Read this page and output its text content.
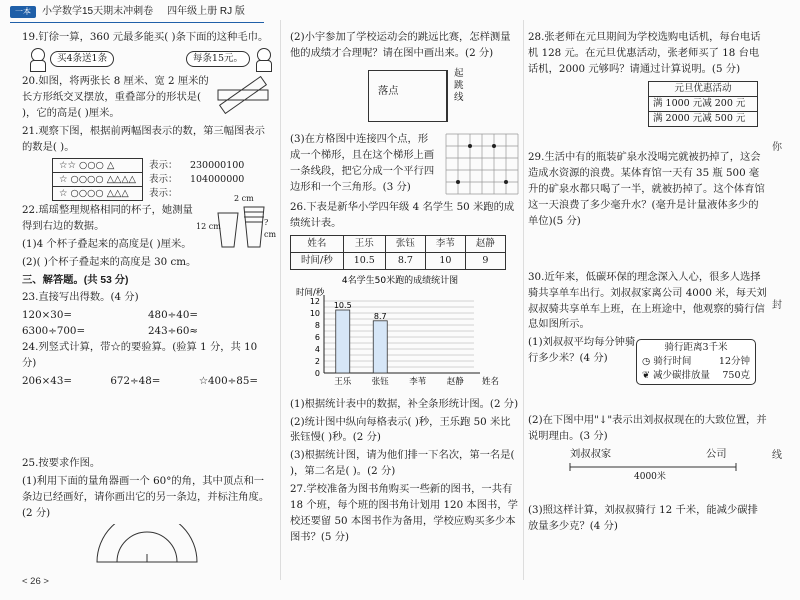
一本	小学数学15天期末冲刺卷 四年级上册 RJ 版
19.钉徐一算，360 元最多能买( )条下面的这种毛巾。
买4条送1条	每条15元。
20.如图，将两张长 8 厘米、宽 2 厘米的长方形纸交叉摆放，重叠部分的形状是( )，它的高是( )厘米。
21.观察下图，根据前两幅图表示的数，第三幅图表示的数是( )。
☆☆ ○○○ △	表示：	230000100
☆ ○○○○ △△△△	表示：	104000000
☆ ○○○○ △△△	表示：	
22.瑶瑶整理规格相同的杯子，她测量得到右边的数据。
(1)4 个杯子叠起来的高度是( )厘米。
2 cm
12 cm	? cm
(2)( )个杯子叠起来的高度是 30 cm。
三、解答题。(共 53 分)
23.直接写出得数。(4 分)
120×30=	480÷40=
6300÷700=	243÷60≈
24.列竖式计算，带☆的要验算。(验算 1 分，共 10 分)
206×43=	672÷48=	☆400÷85=
25.按要求作图。
(1)利用下面的量角器画一个 60°的角，其中顶点和一条边已经画好，请你画出它的另一条边，并标注角度。(2 分)
(2)小宇参加了学校运动会的跳远比赛，怎样测量他的成绩才合理呢？请在图中画出来。(2 分)
落点
起跳线
(3)在方格图中连接四个点，形成一个梯形，且在这个梯形上画一条线段，把它分成一个平行四边形和一个三角形。(3 分)
26.下表是新华小学四年级 4 名学生 50 米跑的成绩统计表。
姓名	王乐	张钰	李苇	赵静
时间/秒	10.5	8.7	10	9
4名学生50米跑的成绩统计图
时间/秒
0
2
4
6
8
10
12 10.5
王乐
8.7
张钰 李苇 赵静 姓名
(1)根据统计表中的数据，补全条形统计图。(2 分)
(2)统计图中纵向每格表示( )秒，王乐跑 50 米比张钰慢( )秒。(2 分)
(3)根据统计图，请为他们排一下名次，第一名是( )，第二名是( )。(2 分)
27.学校准备为图书角购买一些新的图书，一共有 18 个班，每个班的图书角计划用 120 本图书，学校还要留 50 本图书作为备用，学校应购买多少本图书？(5 分)
28.张老师在元旦期间为学校选购电话机，每台电话机 128 元。在元旦优惠活动，张老师买了 18 台电话机，2000 元够吗？请通过计算说明。(5 分)
元旦优惠活动
满 1000 元减 200 元
满 2000 元减 500 元
29.生活中有的瓶装矿泉水没喝完就被扔掉了，这会造成水资源的浪费。某体育馆一天有 35 瓶 500 毫升的矿泉水都只喝了一半，就被扔掉了。这个体育馆这一天浪费了多少毫升水？(毫升是计量液体多少的单位)(5 分)
30.近年来，低碳环保的理念深入人心，很多人选择骑共享单车出行。刘叔叔家离公司 4000 米，每天刘叔叔骑共享单车上班，在上班途中，他观察的骑行信息如图所示。
(1)刘叔叔平均每分钟骑行多少米？(4 分)
骑行距离3千米
◷ 骑行时间	12分钟
❦ 减少碳排放量 750克
(2)在下图中用"↓"表示出刘叔叔现在的大致位置，并说明理由。(3 分)
刘叔叔家	公司
4000米
(3)照这样计算，刘叔叔骑行 12 千米，能减少碳排放量多少克？(4 分)
你
封
线
< 26 >
